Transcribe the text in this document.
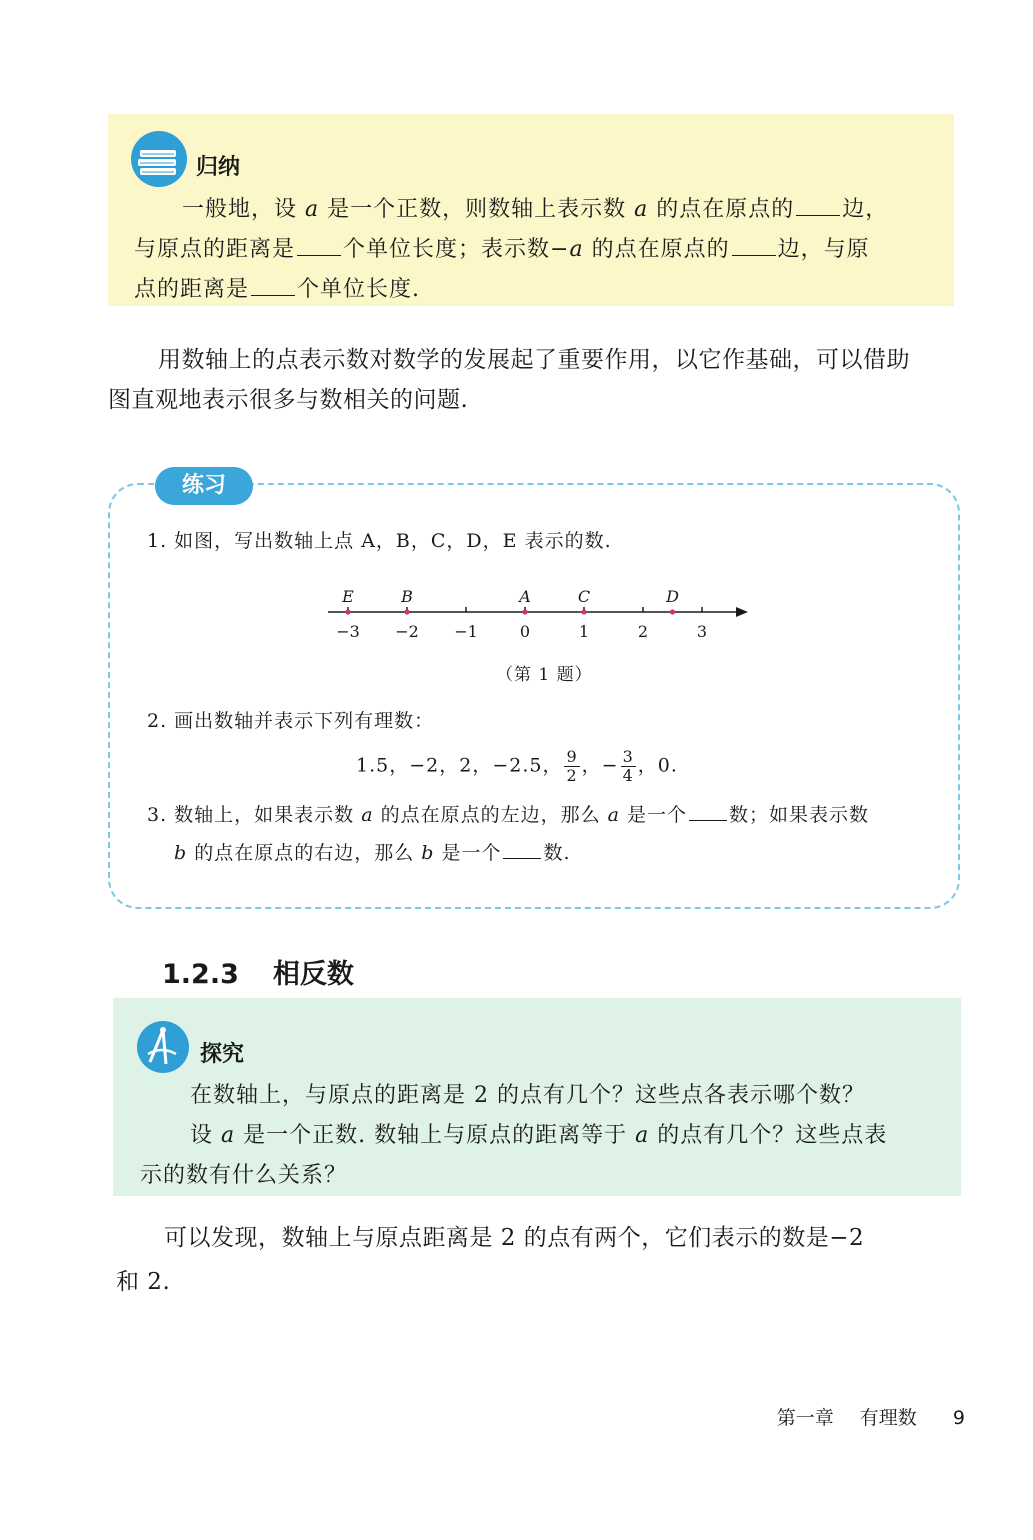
归纳
一般地，设 a 是一个正数，则数轴上表示数 a 的点在原点的 边，
与原点的距离是 个单位长度；表示数−a 的点在原点的 边，与原
点的距离是 个单位长度.
用数轴上的点表示数对数学的发展起了重要作用，以它作基础，可以借助
图直观地表示很多与数相关的问题.
练习
1. 如图，写出数轴上点 A，B，C，D，E 表示的数.
−3 −2 −1	0	1	2	3
E	B	A	C	D
（第 1 题）
2. 画出数轴并表示下列有理数：
1.5，−2，2，−2.5， $\frac{9}{2}$ ，− $\frac{3}{4}$ ，0.
3. 数轴上，如果表示数 a 的点在原点的左边，那么 a 是一个 数；如果表示数
b 的点在原点的右边，那么 b 是一个 数.
1.2.3 相反数
探究
在数轴上，与原点的距离是 2 的点有几个？这些点各表示哪个数？
设 a 是一个正数. 数轴上与原点的距离等于 a 的点有几个？这些点表
示的数有什么关系？
可以发现，数轴上与原点距离是 2 的点有两个，它们表示的数是−2
和 2.
第一章 有理数 9
